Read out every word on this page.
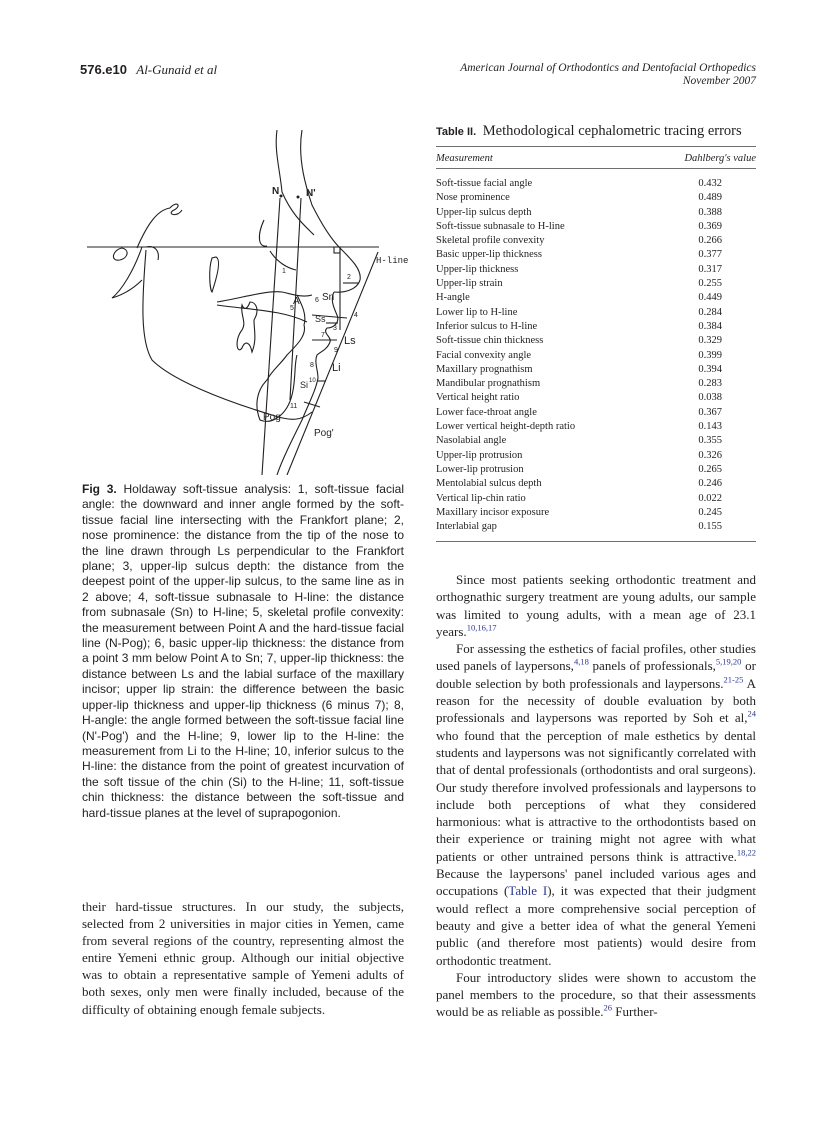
576.e10 Al-Gunaid et al	American Journal of Orthodontics and Dentofacial Orthopedics
November 2007
N	N'
H-line
A Sn
Ss
Ls
Li
Si
Pog
Pog'
1
2
3
4
5
6
7
8
9
10
11
Fig 3. Holdaway soft-tissue analysis: 1, soft-tissue facial angle: the downward and inner angle formed by the soft-tissue facial line intersecting with the Frankfort plane; 2, nose prominence: the distance from the tip of the nose to the line drawn through Ls perpendicular to the Frankfort plane; 3, upper-lip sulcus depth: the distance from the deepest point of the upper-lip sulcus, to the same line as in 2 above; 4, soft-tissue subnasale to H-line: the distance from subnasale (Sn) to H-line; 5, skeletal profile convexity: the measurement between Point A and the hard-tissue facial line (N-Pog); 6, basic upper-lip thickness: the distance from a point 3 mm below Point A to Sn; 7, upper-lip thickness: the distance between Ls and the labial surface of the maxillary incisor; upper lip strain: the difference between the basic upper-lip thickness and upper-lip thickness (6 minus 7); 8, H-angle: the angle formed between the soft-tissue facial line (N'-Pog') and the H-line; 9, lower lip to the H-line: the measurement from Li to the H-line; 10, inferior sulcus to the H-line: the distance from the point of greatest incurvation of the soft tissue of the chin (Si) to the H-line; 11, soft-tissue chin thickness: the distance between the soft-tissue and hard-tissue planes at the level of suprapogonion.

their hard-tissue structures. In our study, the subjects, selected from 2 universities in major cities in Yemen, came from several regions of the country, representing almost the entire Yemeni ethnic group. Although our initial objective was to obtain a representative sample of Yemeni adults of both sexes, only men were finally included, because of the difficulty of obtaining enough female subjects.

Table II. Methodological cephalometric tracing errors
Measurement	Dahlberg's value
Soft-tissue facial angle	0.432
Nose prominence	0.489
Upper-lip sulcus depth	0.388
Soft-tissue subnasale to H-line	0.369
Skeletal profile convexity	0.266
Basic upper-lip thickness	0.377
Upper-lip thickness	0.317
Upper-lip strain	0.255
H-angle	0.449
Lower lip to H-line	0.284
Inferior sulcus to H-line	0.384
Soft-tissue chin thickness	0.329
Facial convexity angle	0.399
Maxillary prognathism	0.394
Mandibular prognathism	0.283
Vertical height ratio	0.038
Lower face-throat angle	0.367
Lower vertical height-depth ratio	0.143
Nasolabial angle	0.355
Upper-lip protrusion	0.326
Lower-lip protrusion	0.265
Mentolabial sulcus depth	0.246
Vertical lip-chin ratio	0.022
Maxillary incisor exposure	0.245
Interlabial gap	0.155

Since most patients seeking orthodontic treatment and orthognathic surgery treatment are young adults, our sample was limited to young adults, with a mean age of 23.1 years.$^{10,16,17}$

For assessing the esthetics of facial profiles, other studies used panels of laypersons,$^{4,18}$ panels of professionals,$^{5,19,20}$ or double selection by both professionals and laypersons.$^{21-25}$ A reason for the necessity of double evaluation by both professionals and laypersons was reported by Soh et al,$^{24}$ who found that the perception of male esthetics by dental students and laypersons was not significantly correlated with that of dental professionals (orthodontists and oral surgeons). Our study therefore involved professionals and laypersons to include both perceptions of what they considered harmonious: what is attractive to the orthodontists based on their experience or training might not agree with what patients or other untrained persons think is attractive.$^{18,22}$ Because the laypersons' panel included various ages and occupations (Table I), it was expected that their judgment would reflect a more comprehensive social perception of beauty and give a better idea of what the general Yemeni public (and therefore most patients) would desire from orthodontic treatment.

Four introductory slides were shown to accustom the panel members to the procedure, so that their assessments would be as reliable as possible.$^{26}$ Further-
